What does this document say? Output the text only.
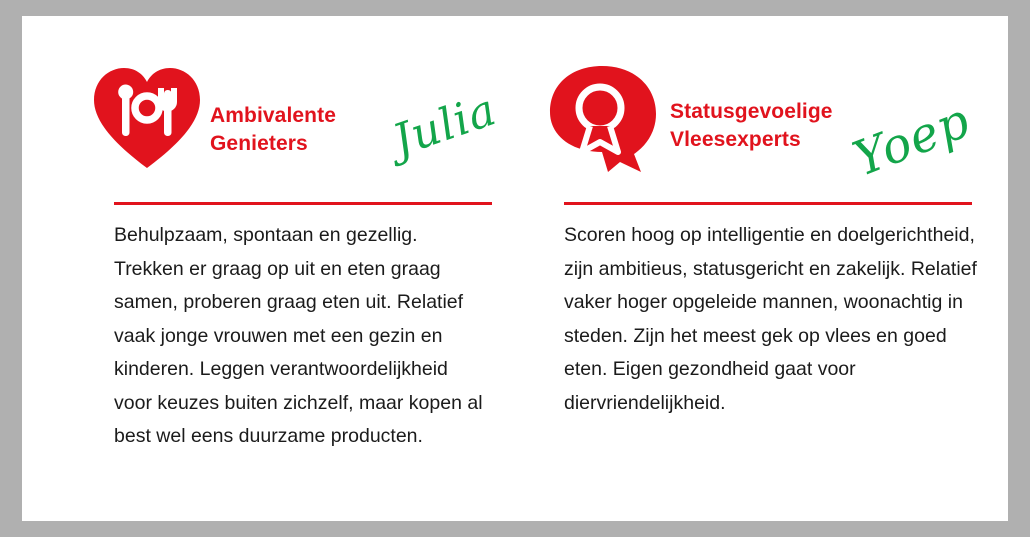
Ambivalente
Genieters	Julia
Behulpzaam, spontaan en gezellig. Trekken er graag op uit en eten graag samen, proberen graag eten uit. Relatief vaak jonge vrouwen met een gezin en kinderen. Leggen verantwoordelijkheid voor keuzes buiten zichzelf, maar kopen al best wel eens duurzame producten.
Statusgevoelige
Vleesexperts Yoep
Scoren hoog op intelligentie en doelgerichtheid, zijn ambitieus, statusgericht en zakelijk. Relatief vaker hoger opgeleide mannen, woonachtig in steden. Zijn het meest gek op vlees en goed eten. Eigen gezondheid gaat voor diervriendelijkheid.
